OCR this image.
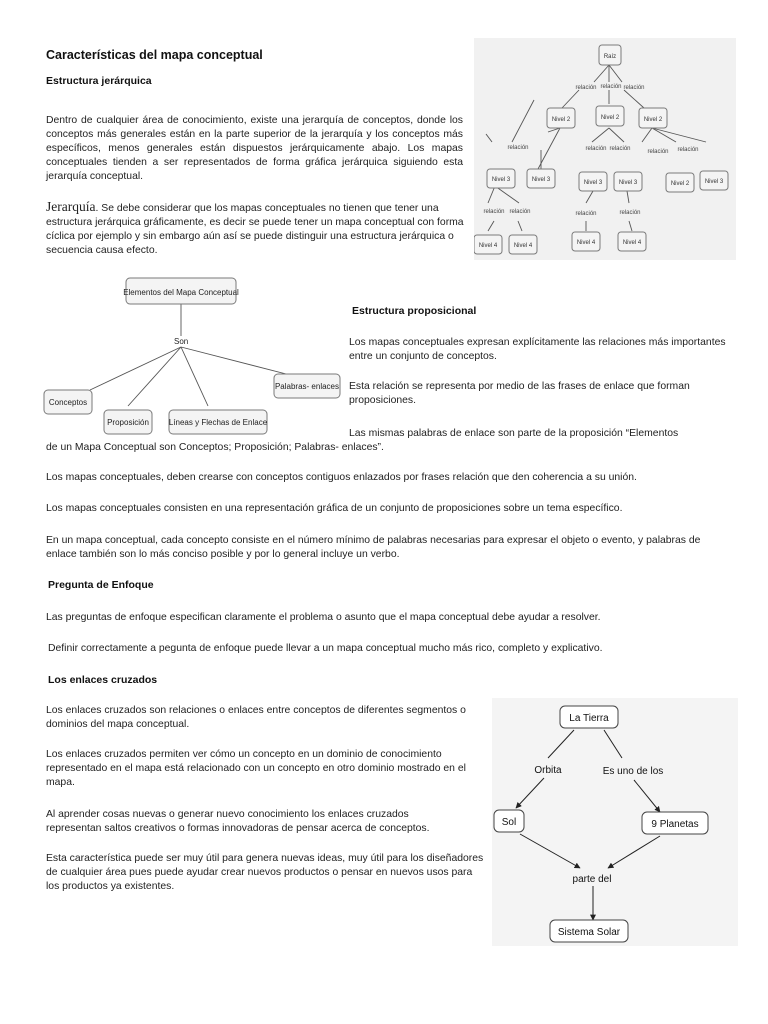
Características del mapa conceptual
Estructura jerárquica
Dentro de cualquier área de conocimiento, existe una jerarquía de conceptos, donde los conceptos más generales están en la parte superior de la jerarquía y los conceptos más específicos, menos generales están dispuestos jerárquicamente abajo. Los mapas conceptuales tienden a ser representados de forma gráfica jerárquica siguiendo esta jerarquía conceptual.
Jerarquía. Se debe considerar que los mapas conceptuales no tienen que tener una estructura jerárquica gráficamente, es decir se puede tener un mapa conceptual con forma cíclica por ejemplo y sin embargo aún así se puede distinguir una estructura jerárquica o secuencia causa efecto.
Raíz
relación relación relación
Nivel 2	Nivel 2	Nivel 2
relación	relación relación	relación relación
Nivel 3	Nivel 3	Nivel 3	Nivel 3	Nivel 2	Nivel 3
relación relación	relación	relación
Nivel 4	Nivel 4	Nivel 4	Nivel 4
Elementos del Mapa Conceptual
Son
Conceptos
Proposición Líneas y Flechas de Enlace
Palabras- enlaces
Estructura proposicional
Los mapas conceptuales expresan explícitamente las relaciones más importantes entre un conjunto de conceptos.
Esta relación se representa por medio de las frases de enlace que forman proposiciones.
Las mismas palabras de enlace son parte de la proposición “Elementos
de un Mapa Conceptual son Conceptos; Proposición; Palabras- enlaces”.
Los mapas conceptuales, deben crearse con conceptos contiguos enlazados por frases relación que den coherencia a su unión.
Los mapas conceptuales consisten en una representación gráfica de un conjunto de proposiciones sobre un tema específico.
En un mapa conceptual, cada concepto consiste en el número mínimo de palabras necesarias para expresar el objeto o evento, y palabras de enlace también son lo más conciso posible y por lo general incluye un verbo.
Pregunta de Enfoque
Las preguntas de enfoque especifican claramente el problema o asunto que el mapa conceptual debe ayudar a resolver.
Definir correctamente a pegunta de enfoque puede llevar a un mapa conceptual mucho más rico, completo y explicativo.
Los enlaces cruzados
Los enlaces cruzados son relaciones o enlaces entre conceptos de diferentes segmentos o dominios del mapa conceptual.
Los enlaces cruzados permiten ver cómo un concepto en un dominio de conocimiento representado en el mapa está relacionado con un concepto en otro dominio mostrado en el mapa.
Al aprender cosas nuevas o generar nuevo conocimiento los enlaces cruzados representan saltos creativos o formas innovadoras de pensar acerca de conceptos.
Esta característica puede ser muy útil para genera nuevas ideas, muy útil para los diseñadores de cualquier área pues puede ayudar crear nuevos productos o pensar en nuevos usos para los productos ya existentes.
La Tierra
Orbita	Es uno de los
Sol	9 Planetas
parte del
Sistema Solar
